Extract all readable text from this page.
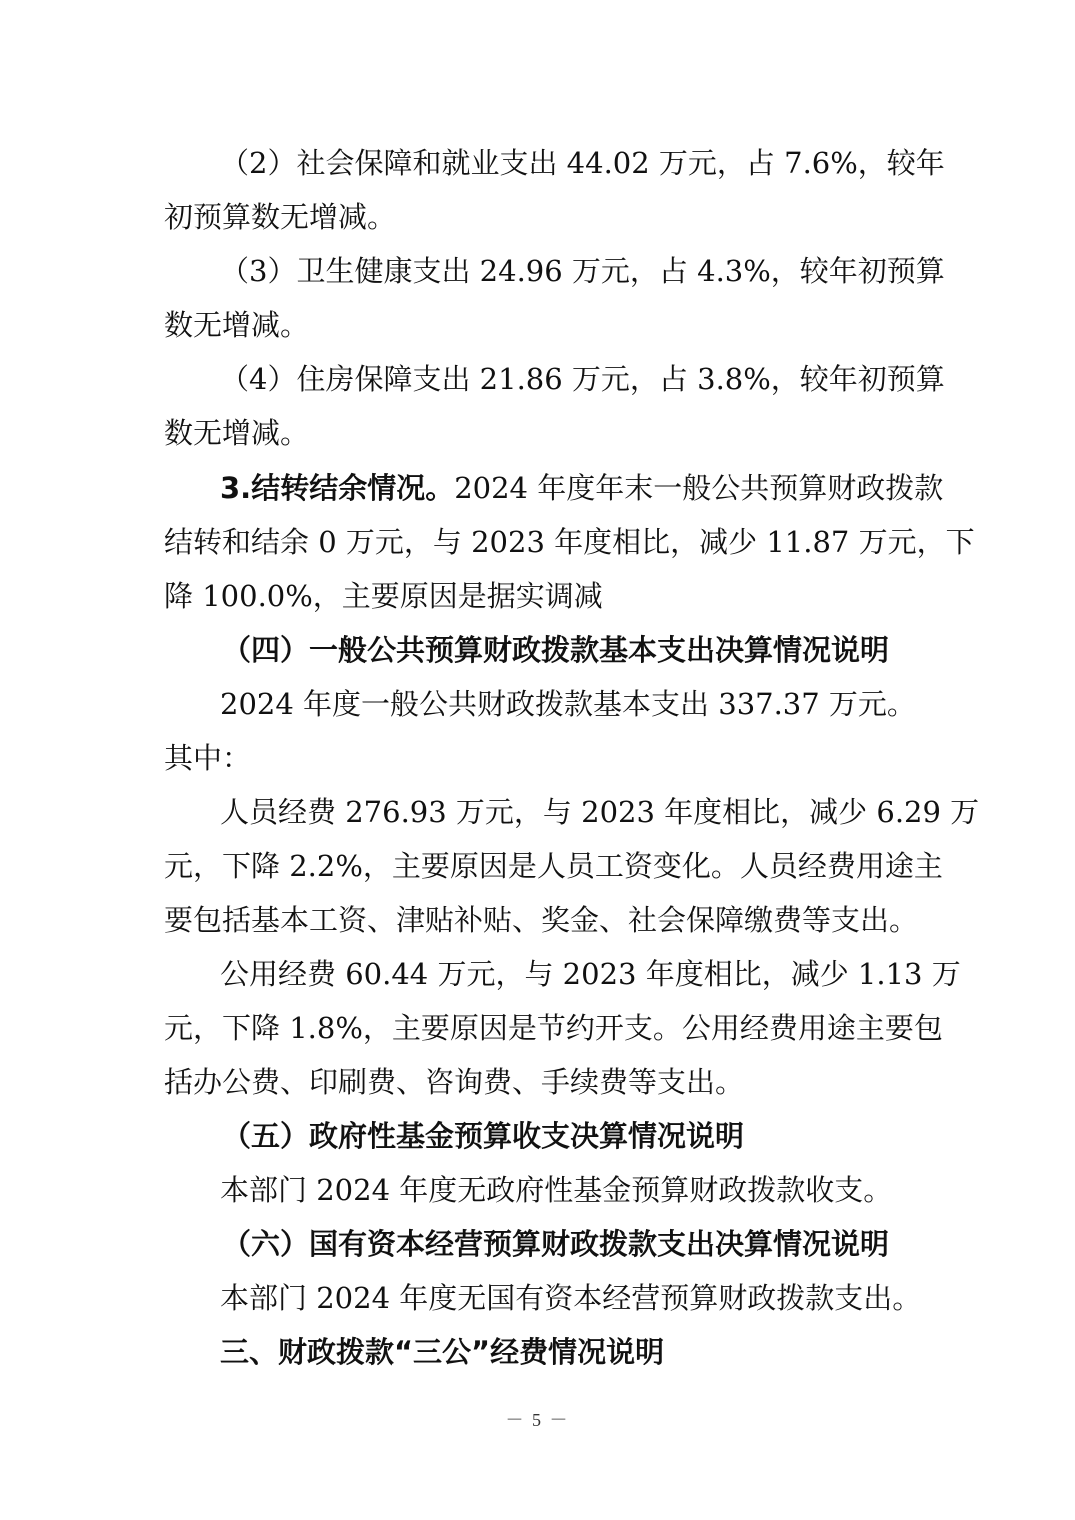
（2）社会保障和就业支出 44.02 万元，占 7.6%，较年
初预算数无增减。
（3）卫生健康支出 24.96 万元，占 4.3%，较年初预算
数无增减。
（4）住房保障支出 21.86 万元，占 3.8%，较年初预算
数无增减。
3.结转结余情况。2024 年度年末一般公共预算财政拨款
结转和结余 0 万元，与 2023 年度相比，减少 11.87 万元，下
降 100.0%，主要原因是据实调减
（四）一般公共预算财政拨款基本支出决算情况说明
2024 年度一般公共财政拨款基本支出 337.37 万元。
其中：
人员经费 276.93 万元，与 2023 年度相比，减少 6.29 万
元，下降 2.2%，主要原因是人员工资变化。人员经费用途主
要包括基本工资、津贴补贴、奖金、社会保障缴费等支出。
公用经费 60.44 万元，与 2023 年度相比，减少 1.13 万
元，下降 1.8%，主要原因是节约开支。公用经费用途主要包
括办公费、印刷费、咨询费、手续费等支出。
（五）政府性基金预算收支决算情况说明
本部门 2024 年度无政府性基金预算财政拨款收支。
（六）国有资本经营预算财政拨款支出决算情况说明
本部门 2024 年度无国有资本经营预算财政拨款支出。
三、财政拨款“三公”经费情况说明
－ 5 －
